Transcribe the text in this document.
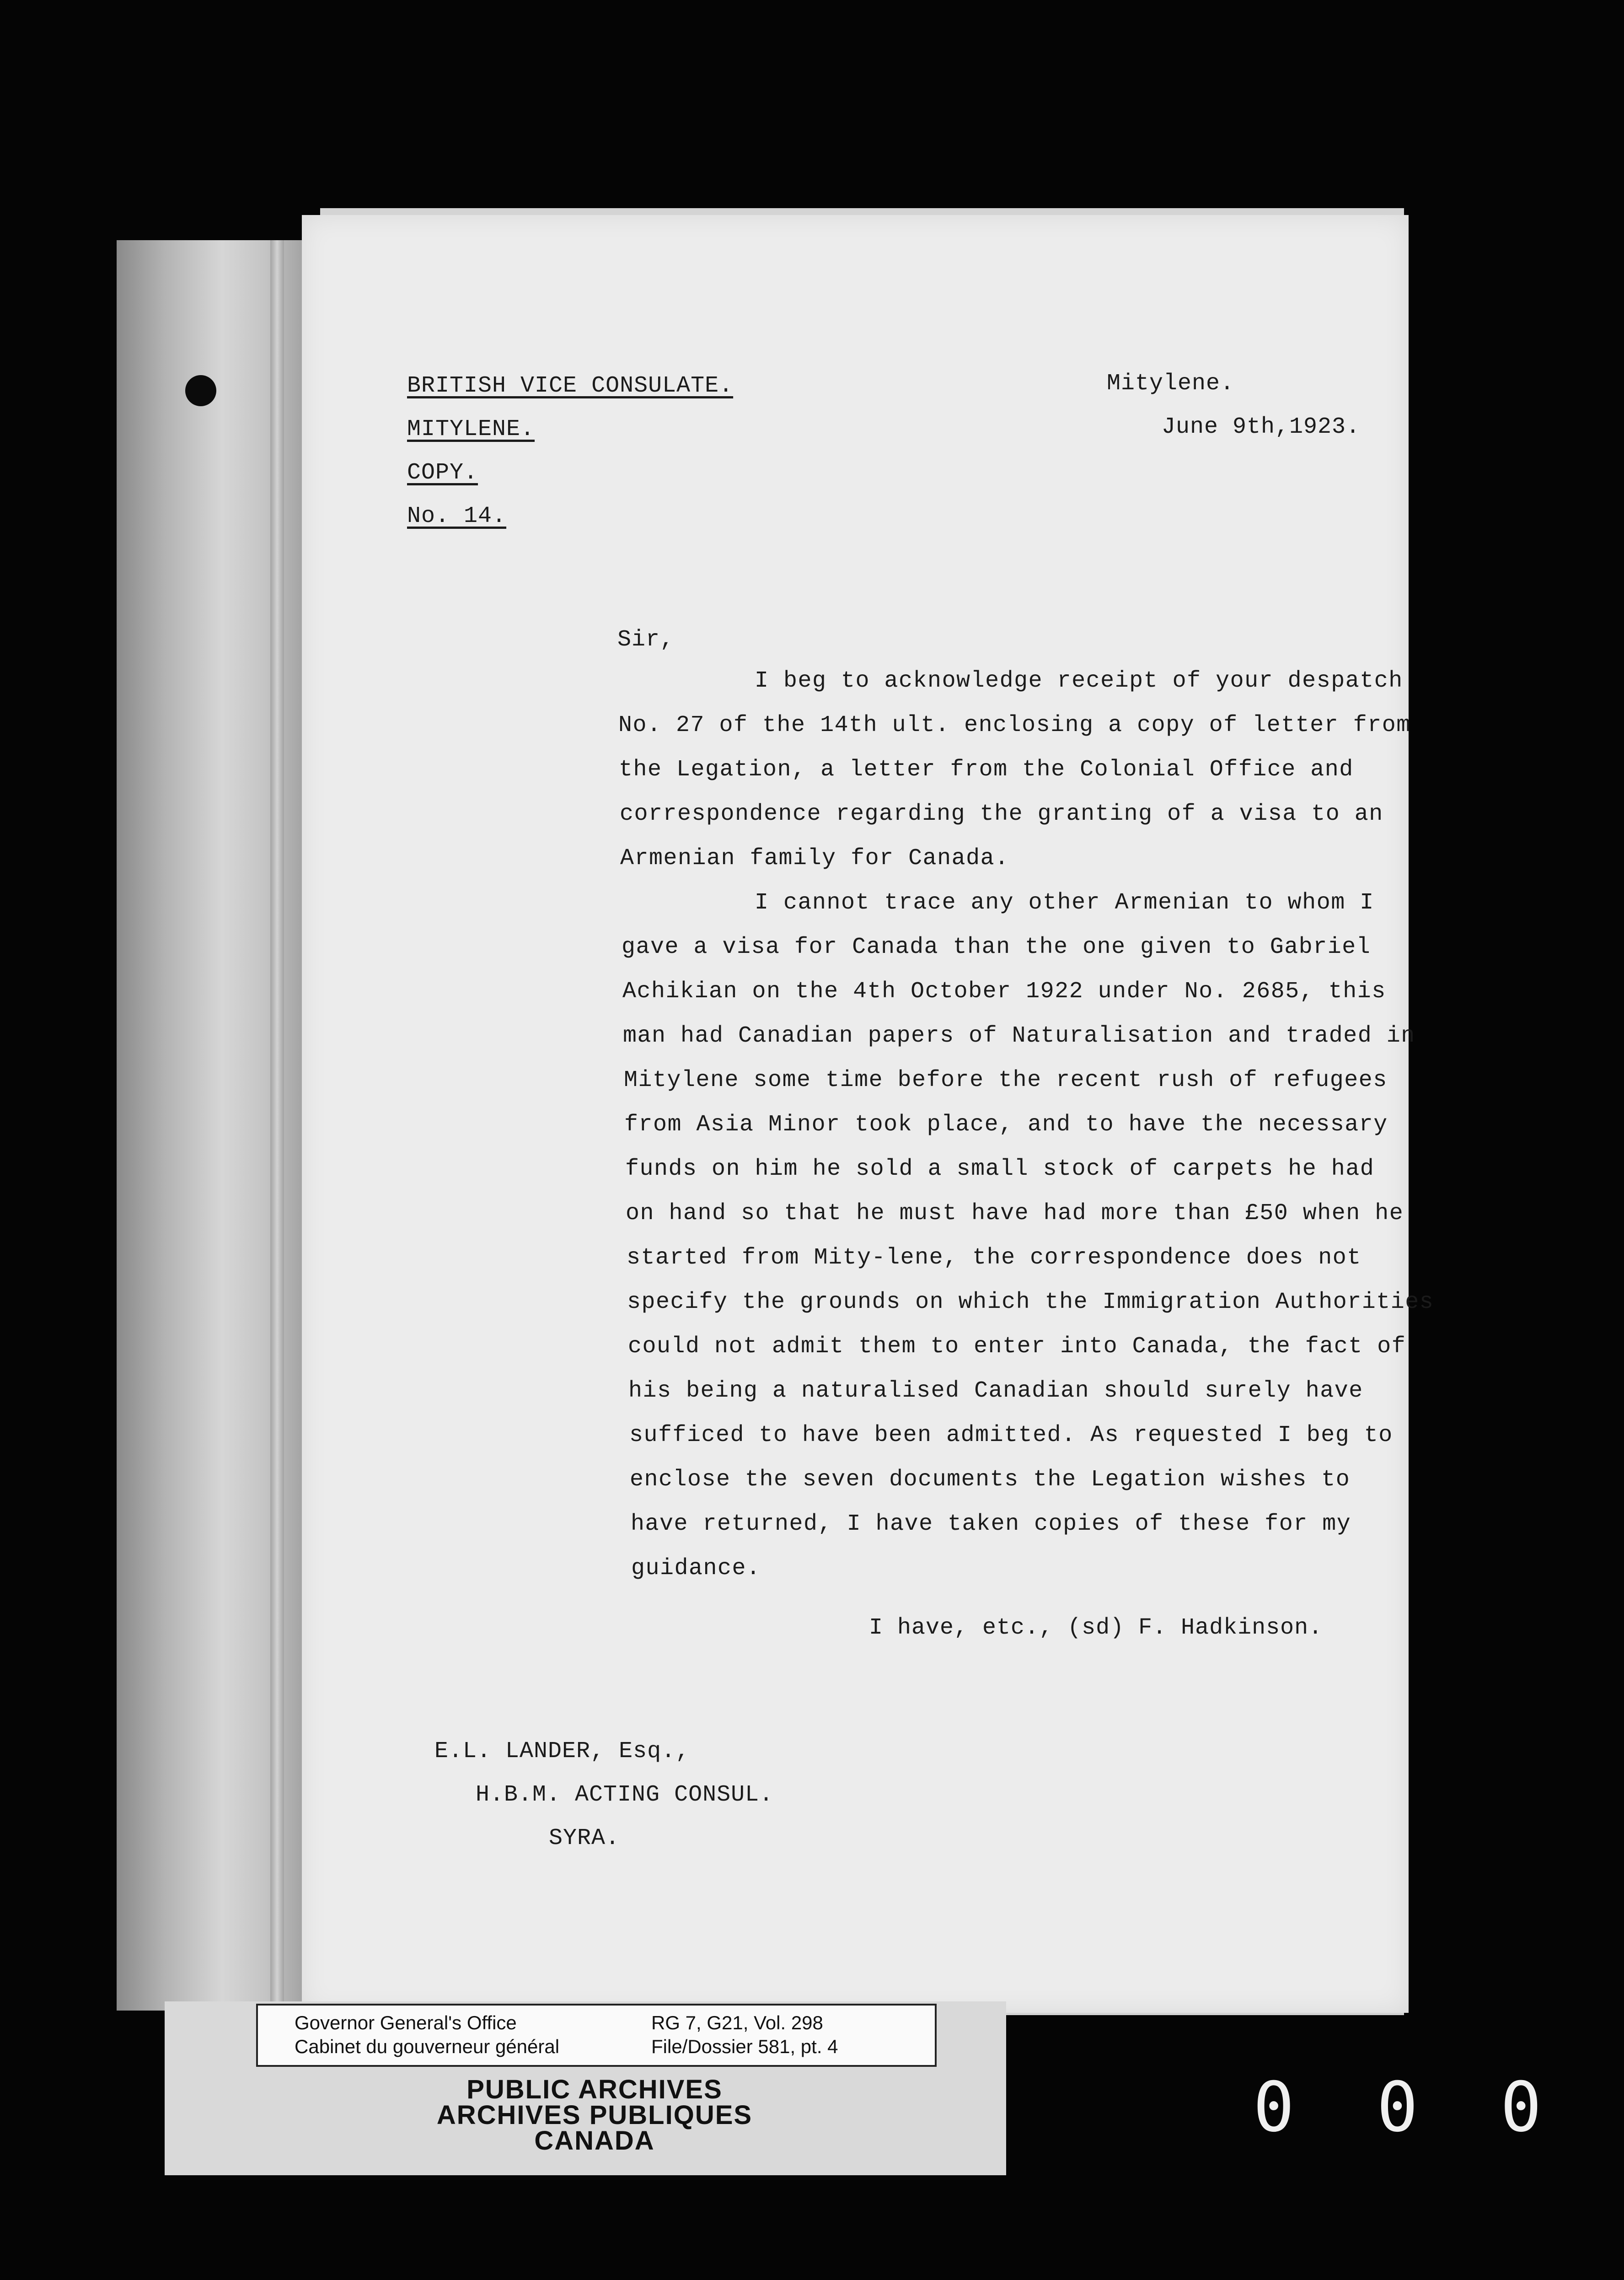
BRITISH VICE CONSULATE.
MITYLENE.
COPY.
No. 14.
Mitylene.
June 9th,1923.
Sir,
I beg to acknowledge receipt of your despatch
No. 27 of the 14th ult. enclosing a copy of letter from
the Legation, a letter from the Colonial Office and
correspondence regarding the granting of a visa to an
Armenian family for Canada.
I cannot trace any other Armenian to whom I
gave a visa for Canada than the one given to Gabriel
Achikian on the 4th October 1922 under No. 2685, this
man had Canadian papers of Naturalisation and traded in
Mitylene some time before the recent rush of refugees
from Asia Minor took place, and to have the necessary
funds on him he sold a small stock of carpets he had
on hand so that he must have had more than £50 when he
started from Mity-lene, the correspondence does not
specify the grounds on which the Immigration Authorities
could not admit them to enter into Canada, the fact of
his being a naturalised Canadian should surely have
sufficed to have been admitted. As requested I beg to
enclose the seven documents the Legation wishes to
have returned, I have taken copies of these for my
guidance.
I have, etc., (sd) F. Hadkinson.
E.L. LANDER, Esq.,
H.B.M. ACTING CONSUL.
SYRA.
Governor General's Office
Cabinet du gouverneur général
RG 7, G21, Vol. 298
File/Dossier 581, pt. 4
PUBLIC ARCHIVES
ARCHIVES PUBLIQUES
CANADA	000
